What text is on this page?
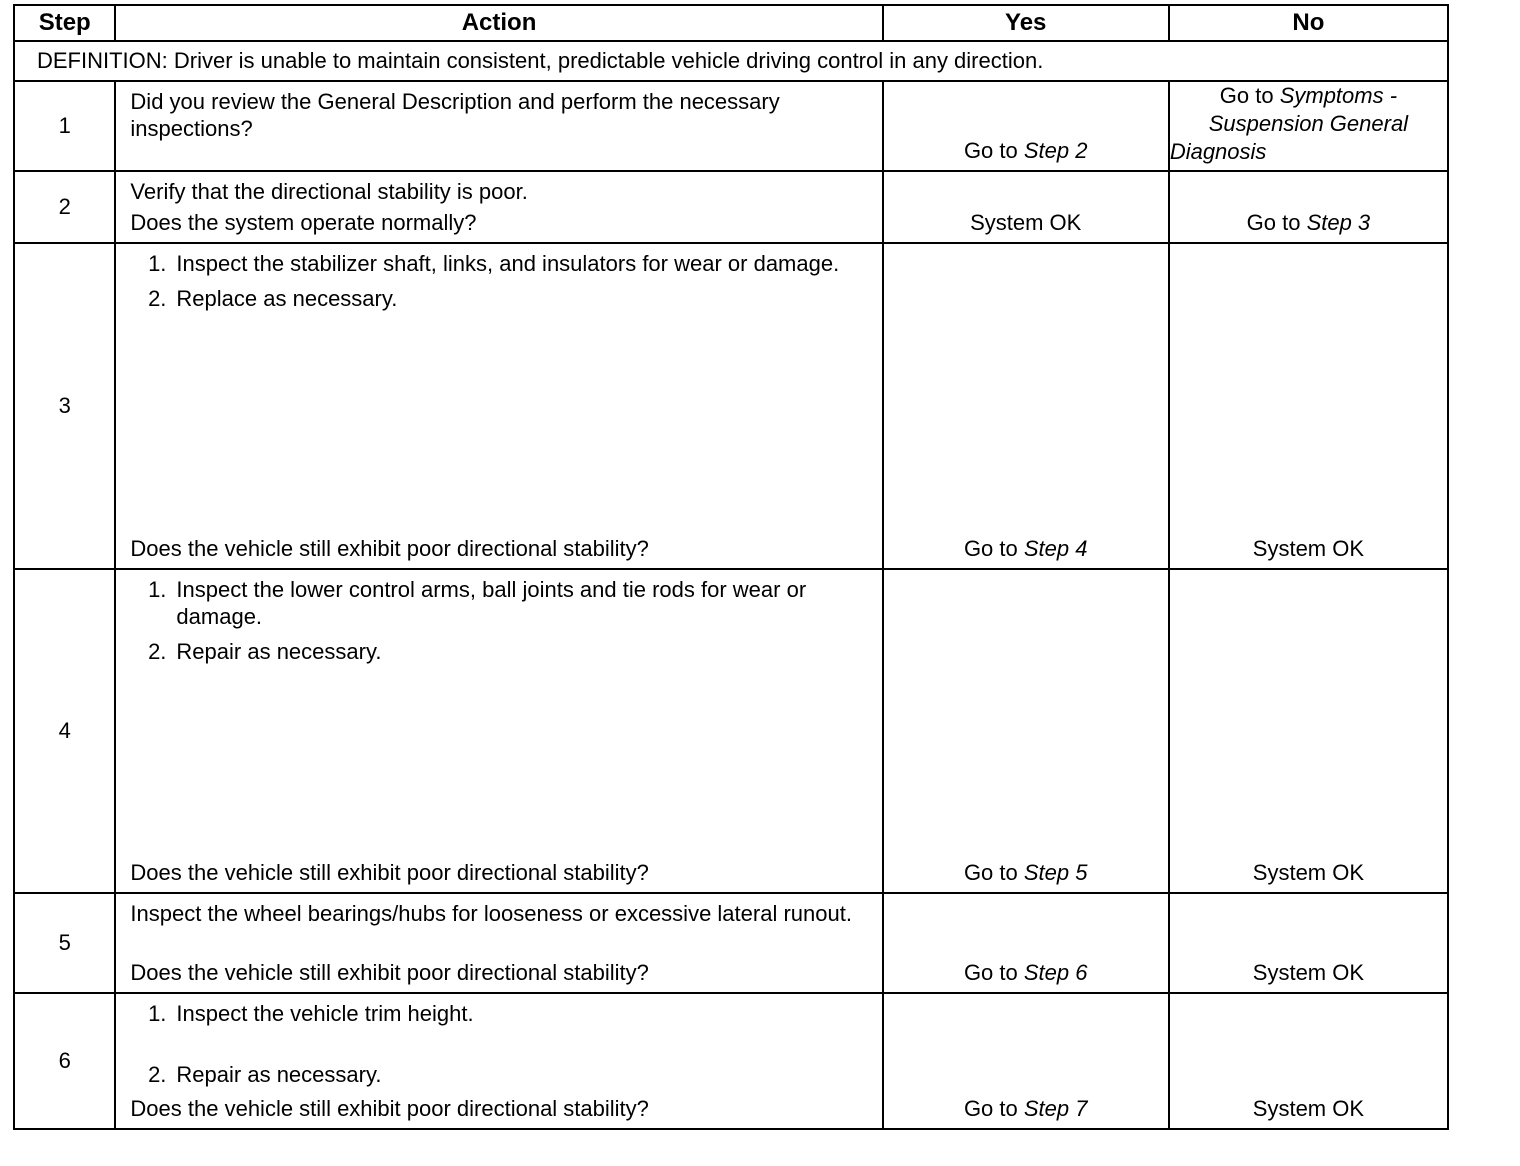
Step	Action	Yes	No
DEFINITION: Driver is unable to maintain consistent, predictable vehicle driving control in any direction.			
1	Did you review the General Description and perform the necessary inspections?	Go to Step 2	Go to Symptoms -
Suspension General
Diagnosis

2	Verify that the directional stability is poor.

Does the system operate normally?	System OK	Go to Step 3

3	1. Inspect the stabilizer shaft, links, and insulators for wear or damage.
2. Replace as necessary.
Does the vehicle still exhibit poor directional stability?	Go to Step 4	System OK

4	1. Inspect the lower control arms, ball joints and tie rods for wear or damage.
2. Repair as necessary.
Does the vehicle still exhibit poor directional stability?	Go to Step 5	System OK

5	Inspect the wheel bearings/hubs for looseness or excessive lateral runout.

Does the vehicle still exhibit poor directional stability?	Go to Step 6	System OK

6	1. Inspect the vehicle trim height.
2. Repair as necessary.
Does the vehicle still exhibit poor directional stability?	Go to Step 7	System OK
